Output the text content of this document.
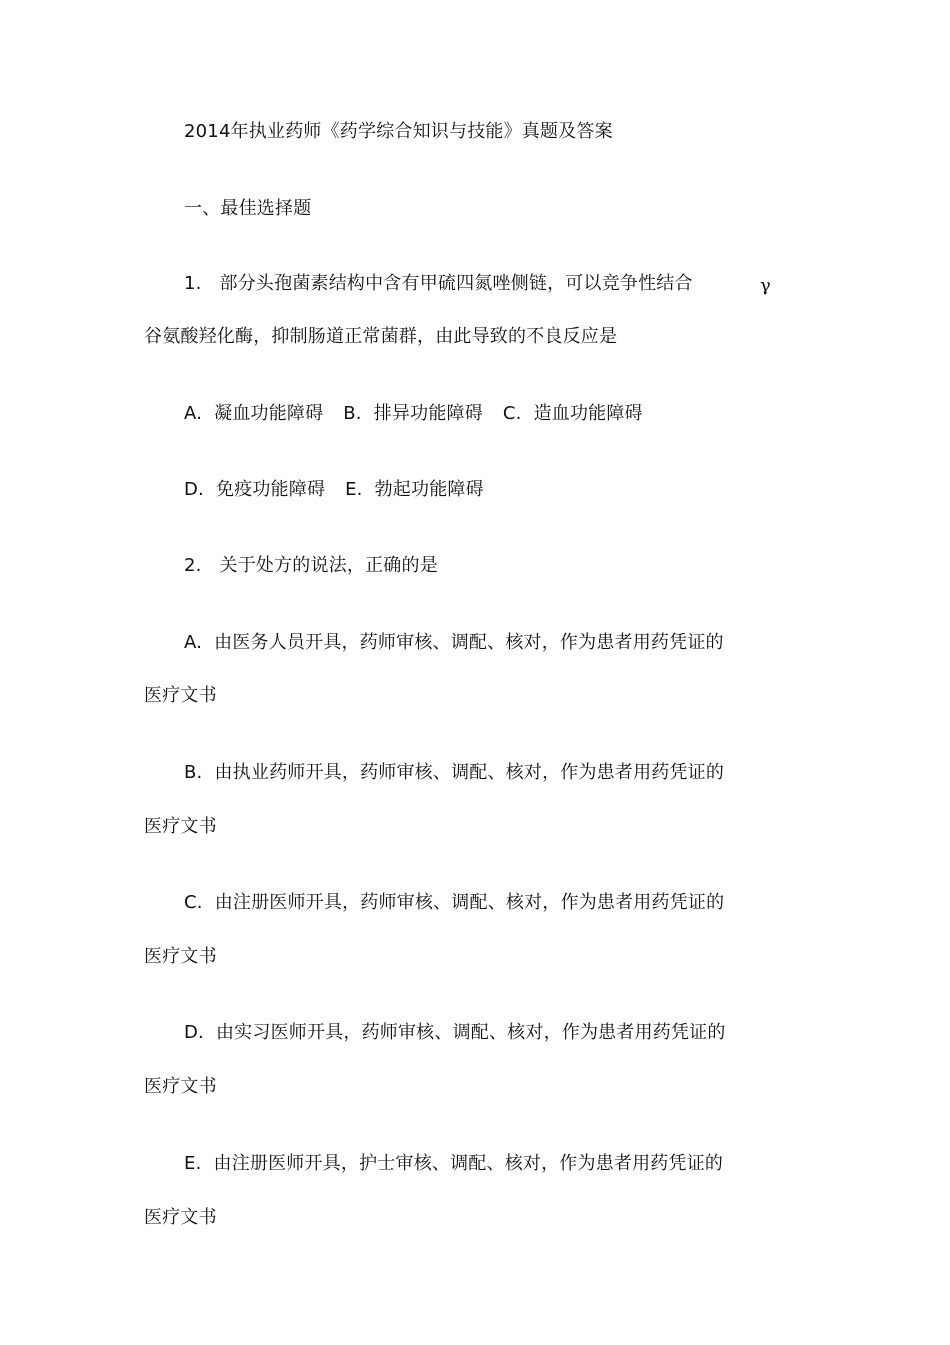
2014年执业药师《药学综合知识与技能》真题及答案
一、最佳选择题
1. 部分头孢菌素结构中含有甲硫四氮唑侧链，可以竞争性结合	γ
谷氨酸羟化酶，抑制肠道正常菌群，由此导致的不良反应是
A. 凝血功能障碍 B. 排异功能障碍 C. 造血功能障碍
D. 免疫功能障碍 E. 勃起功能障碍
2. 关于处方的说法，正确的是
A. 由医务人员开具，药师审核、调配、核对，作为患者用药凭证的
医疗文书
B. 由执业药师开具，药师审核、调配、核对，作为患者用药凭证的
医疗文书
C. 由注册医师开具，药师审核、调配、核对，作为患者用药凭证的
医疗文书
D. 由实习医师开具，药师审核、调配、核对，作为患者用药凭证的
医疗文书
E. 由注册医师开具，护士审核、调配、核对，作为患者用药凭证的
医疗文书
